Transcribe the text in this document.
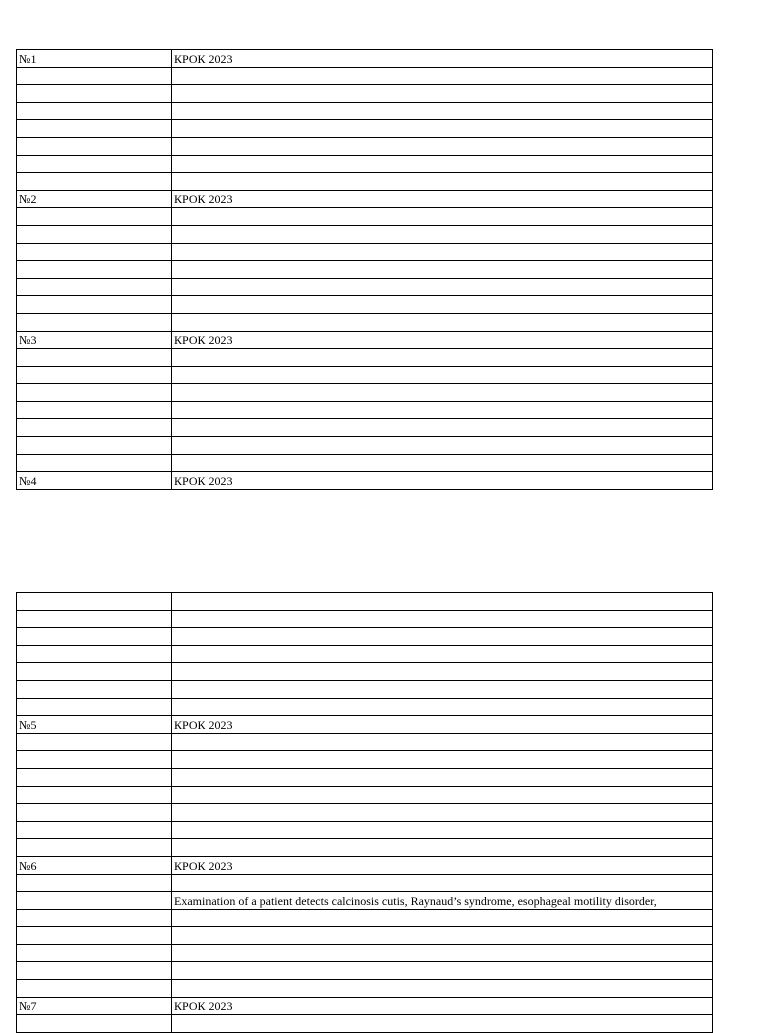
№1	КРОК 2023

№2	КРОК 2023

№3	КРОК 2023

№4	КРОК 2023

№5	КРОК 2023

№6	КРОК 2023

	Examination of a patient detects calcinosis cutis, Raynaud’s syndrome, esophageal motility disorder,

№7	КРОК 2023
